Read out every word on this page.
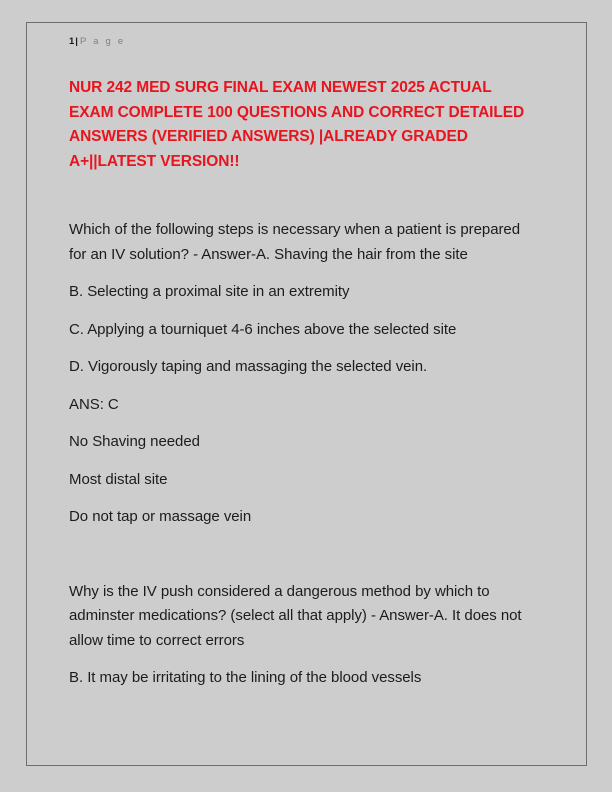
1| P a g e
NUR 242 MED SURG FINAL EXAM NEWEST 2025 ACTUAL EXAM COMPLETE 100 QUESTIONS AND CORRECT DETAILED ANSWERS (VERIFIED ANSWERS) |ALREADY GRADED A+||LATEST VERSION!!

Which of the following steps is necessary when a patient is prepared for an IV solution? - Answer-A. Shaving the hair from the site

B. Selecting a proximal site in an extremity

C. Applying a tourniquet 4-6 inches above the selected site

D. Vigorously taping and massaging the selected vein.

ANS: C

No Shaving needed

Most distal site

Do not tap or massage vein

Why is the IV push considered a dangerous method by which to adminster medications? (select all that apply) - Answer-A. It does not allow time to correct errors

B. It may be irritating to the lining of the blood vessels
